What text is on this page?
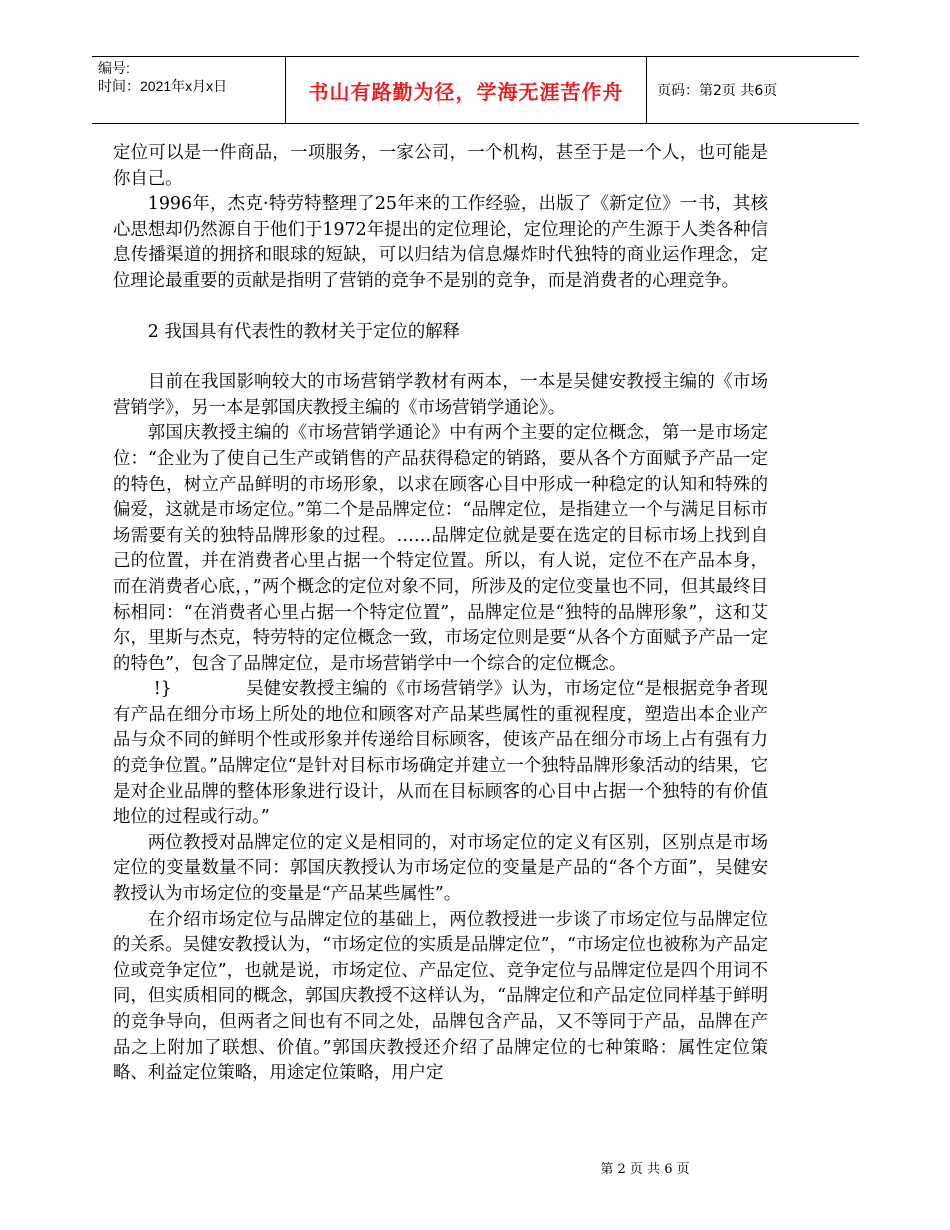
编号:
时间：2021年x月x日	书山有路勤为径，学海无涯苦作舟	页码：第2页 共6页

定位可以是一件商品，一项服务，一家公司，一个机构，甚至于是一个人，也可能是你自己。

1996年，杰克·特劳特整理了25年来的工作经验，出版了《新定位》一书，其核心思想却仍然源自于他们于1972年提出的定位理论，定位理论的产生源于人类各种信息传播渠道的拥挤和眼球的短缺，可以归结为信息爆炸时代独特的商业运作理念，定位理论最重要的贡献是指明了营销的竞争不是别的竞争，而是消费者的心理竞争。

2 我国具有代表性的教材关于定位的解释

目前在我国影响较大的市场营销学教材有两本，一本是吴健安教授主编的《市场营销学》，另一本是郭国庆教授主编的《市场营销学通论》。

郭国庆教授主编的《市场营销学通论》中有两个主要的定位概念，第一是市场定位：“企业为了使自己生产或销售的产品获得稳定的销路，要从各个方面赋予产品一定的特色，树立产品鲜明的市场形象，以求在顾客心目中形成一种稳定的认知和特殊的偏爱，这就是市场定位。”第二个是品牌定位：“品牌定位，是指建立一个与满足目标市场需要有关的独特品牌形象的过程。……品牌定位就是要在选定的目标市场上找到自己的位置，并在消费者心里占据一个特定位置。所以，有人说，定位不在产品本身，而在消费者心底，，”两个概念的定位对象不同，所涉及的定位变量也不同，但其最终目标相同：“在消费者心里占据一个特定位置”，品牌定位是“独特的品牌形象”，这和艾尔，里斯与杰克，特劳特的定位概念一致，市场定位则是要“从各个方面赋予产品一定的特色”，包含了品牌定位，是市场营销学中一个综合的定位概念。

!}	吴健安教授主编的《市场营销学》认为，市场定位“是根据竞争者现有产品在细分市场上所处的地位和顾客对产品某些属性的重视程度，塑造出本企业产品与众不同的鲜明个性或形象并传递给目标顾客，使该产品在细分市场上占有强有力的竞争位置。”品牌定位“是针对目标市场确定并建立一个独特品牌形象活动的结果，它是对企业品牌的整体形象进行设计，从而在目标顾客的心目中占据一个独特的有价值地位的过程或行动。”

两位教授对品牌定位的定义是相同的，对市场定位的定义有区别，区别点是市场定位的变量数量不同：郭国庆教授认为市场定位的变量是产品的“各个方面”，吴健安教授认为市场定位的变量是“产品某些属性”。

在介绍市场定位与品牌定位的基础上，两位教授进一步谈了市场定位与品牌定位的关系。吴健安教授认为，“市场定位的实质是品牌定位”，“市场定位也被称为产品定位或竞争定位”，也就是说，市场定位、产品定位、竞争定位与品牌定位是四个用词不同，但实质相同的概念，郭国庆教授不这样认为，“品牌定位和产品定位同样基于鲜明的竞争导向，但两者之间也有不同之处，品牌包含产品，又不等同于产品，品牌在产品之上附加了联想、价值。”郭国庆教授还介绍了品牌定位的七种策略：属性定位策略、利益定位策略，用途定位策略，用户定

第 2 页 共 6 页
